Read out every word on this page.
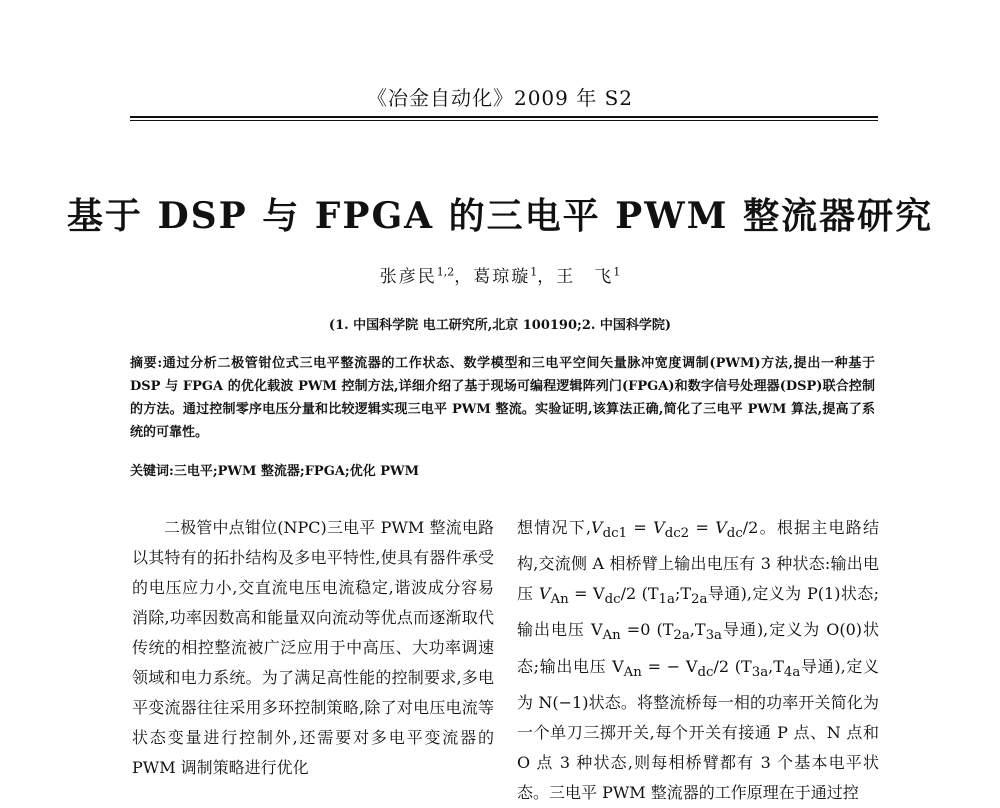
《冶金自动化》2009 年 S2
基于 DSP 与 FPGA 的三电平 PWM 整流器研究
张彦民$^{1,2}$，葛琼璇$^1$，王　飞$^1$
(1. 中国科学院 电工研究所,北京 100190;2. 中国科学院)
摘要:通过分析二极管钳位式三电平整流器的工作状态、数学模型和三电平空间矢量脉冲宽度调制(PWM)方法,提出一种基于 DSP 与 FPGA 的优化载波 PWM 控制方法,详细介绍了基于现场可编程逻辑阵列门(FPGA)和数字信号处理器(DSP)联合控制的方法。通过控制零序电压分量和比较逻辑实现三电平 PWM 整流。实验证明,该算法正确,简化了三电平 PWM 算法,提高了系统的可靠性。
关键词:三电平;PWM 整流器;FPGA;优化 PWM

二极管中点钳位(NPC)三电平 PWM 整流电路以其特有的拓扑结构及多电平特性,使具有器件承受的电压应力小,交直流电压电流稳定,谐波成分容易消除,功率因数高和能量双向流动等优点而逐渐取代传统的相控整流被广泛应用于中高压、大功率调速领域和电力系统。为了满足高性能的控制要求,多电平变流器往往采用多环控制策略,除了对电压电流等状态变量进行控制外,还需要对多电平变流器的 PWM 调制策略进行优化

想情况下$,V_{dc1} = V_{dc2} = V_{dc}/2$。根据主电路结构,交流侧 A 相桥臂上输出电压有 3 种状态:输出电压 $V_{An} = V_{dc}/2$ ($T_{1a};T_{2a}$导通),定义为 P(1)状态;输出电压 $V_{An} =0$ ($T_{2a},T_{3a}$导通),定义为 O(0)状态;输出电压 $V_{An}$ = − $V_{dc}/2$ ($T_{3a},T_{4a}$导通),定义为 N(−1)状态。将整流桥每一相的功率开关简化为一个单刀三掷开关,每个开关有接通 P 点、N 点和 O 点 3 种状态,则每相桥臂都有 3 个基本电平状态。三电平 PWM 整流器的工作原理在于通过控
